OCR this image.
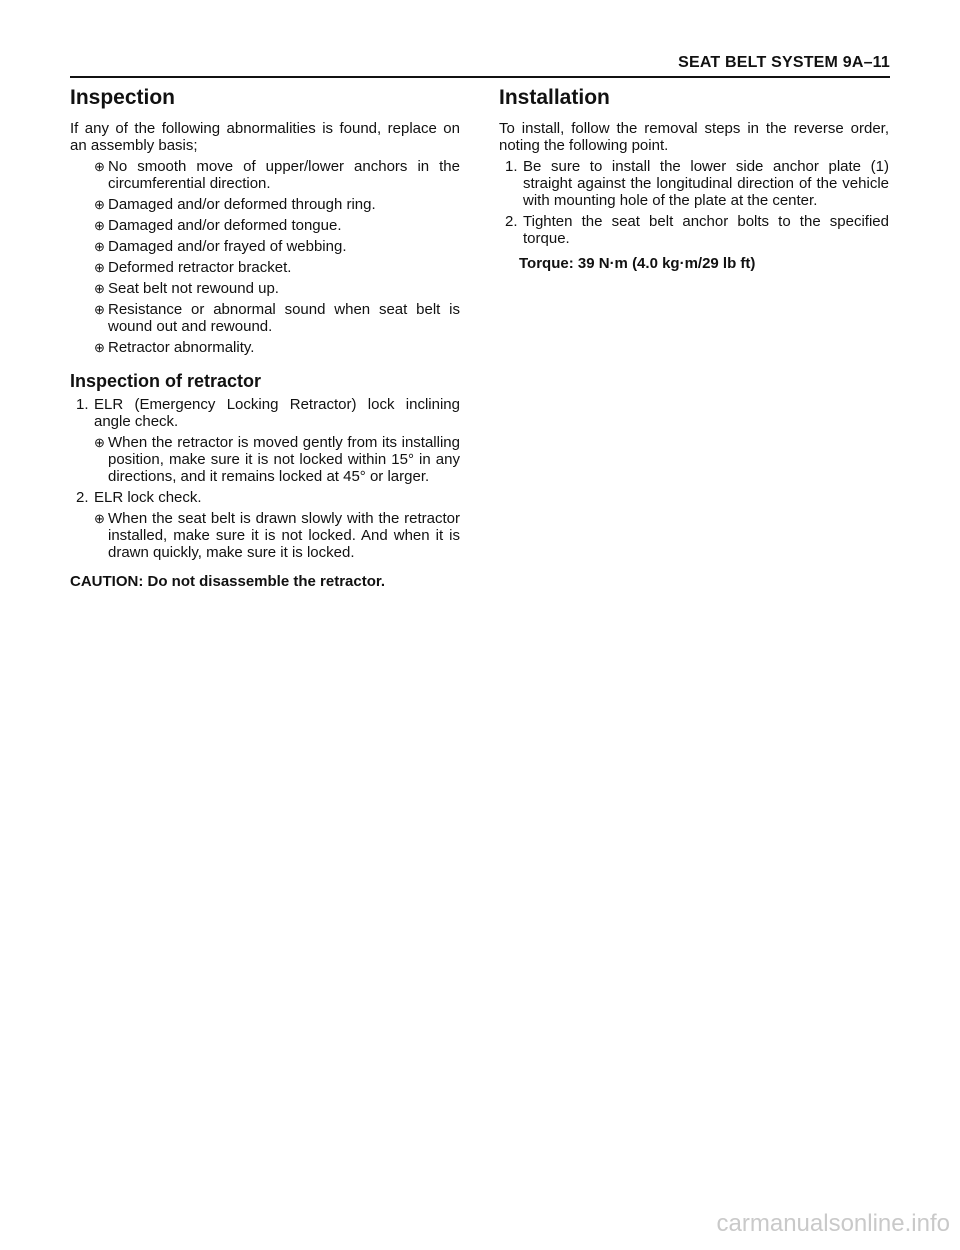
SEAT BELT SYSTEM 9A–11
Inspection

If any of the following abnormalities is found, replace on an assembly basis;

⊕ No smooth move of upper/lower anchors in the circumferential direction.
⊕ Damaged and/or deformed through ring.
⊕ Damaged and/or deformed tongue.
⊕ Damaged and/or frayed of webbing.
⊕ Deformed retractor bracket.
⊕ Seat belt not rewound up.
⊕ Resistance or abnormal sound when seat belt is wound out and rewound.
⊕ Retractor abnormality.
Inspection of retractor
1. ELR (Emergency Locking Retractor) lock inclining angle check.
⊕ When the retractor is moved gently from its installing position, make sure it is not locked within 15° in any directions, and it remains locked at 45° or larger.
2. ELR lock check.
⊕ When the seat belt is drawn slowly with the retractor installed, make sure it is not locked. And when it is drawn quickly, make sure it is locked.

CAUTION: Do not disassemble the retractor.

Installation

To install, follow the removal steps in the reverse order, noting the following point.

1. Be sure to install the lower side anchor plate (1) straight against the longitudinal direction of the vehicle with mounting hole of the plate at the center.
2. Tighten the seat belt anchor bolts to the specified torque.

Torque: 39 N·m (4.0 kg·m/29 lb ft)

carmanualsonline.info
